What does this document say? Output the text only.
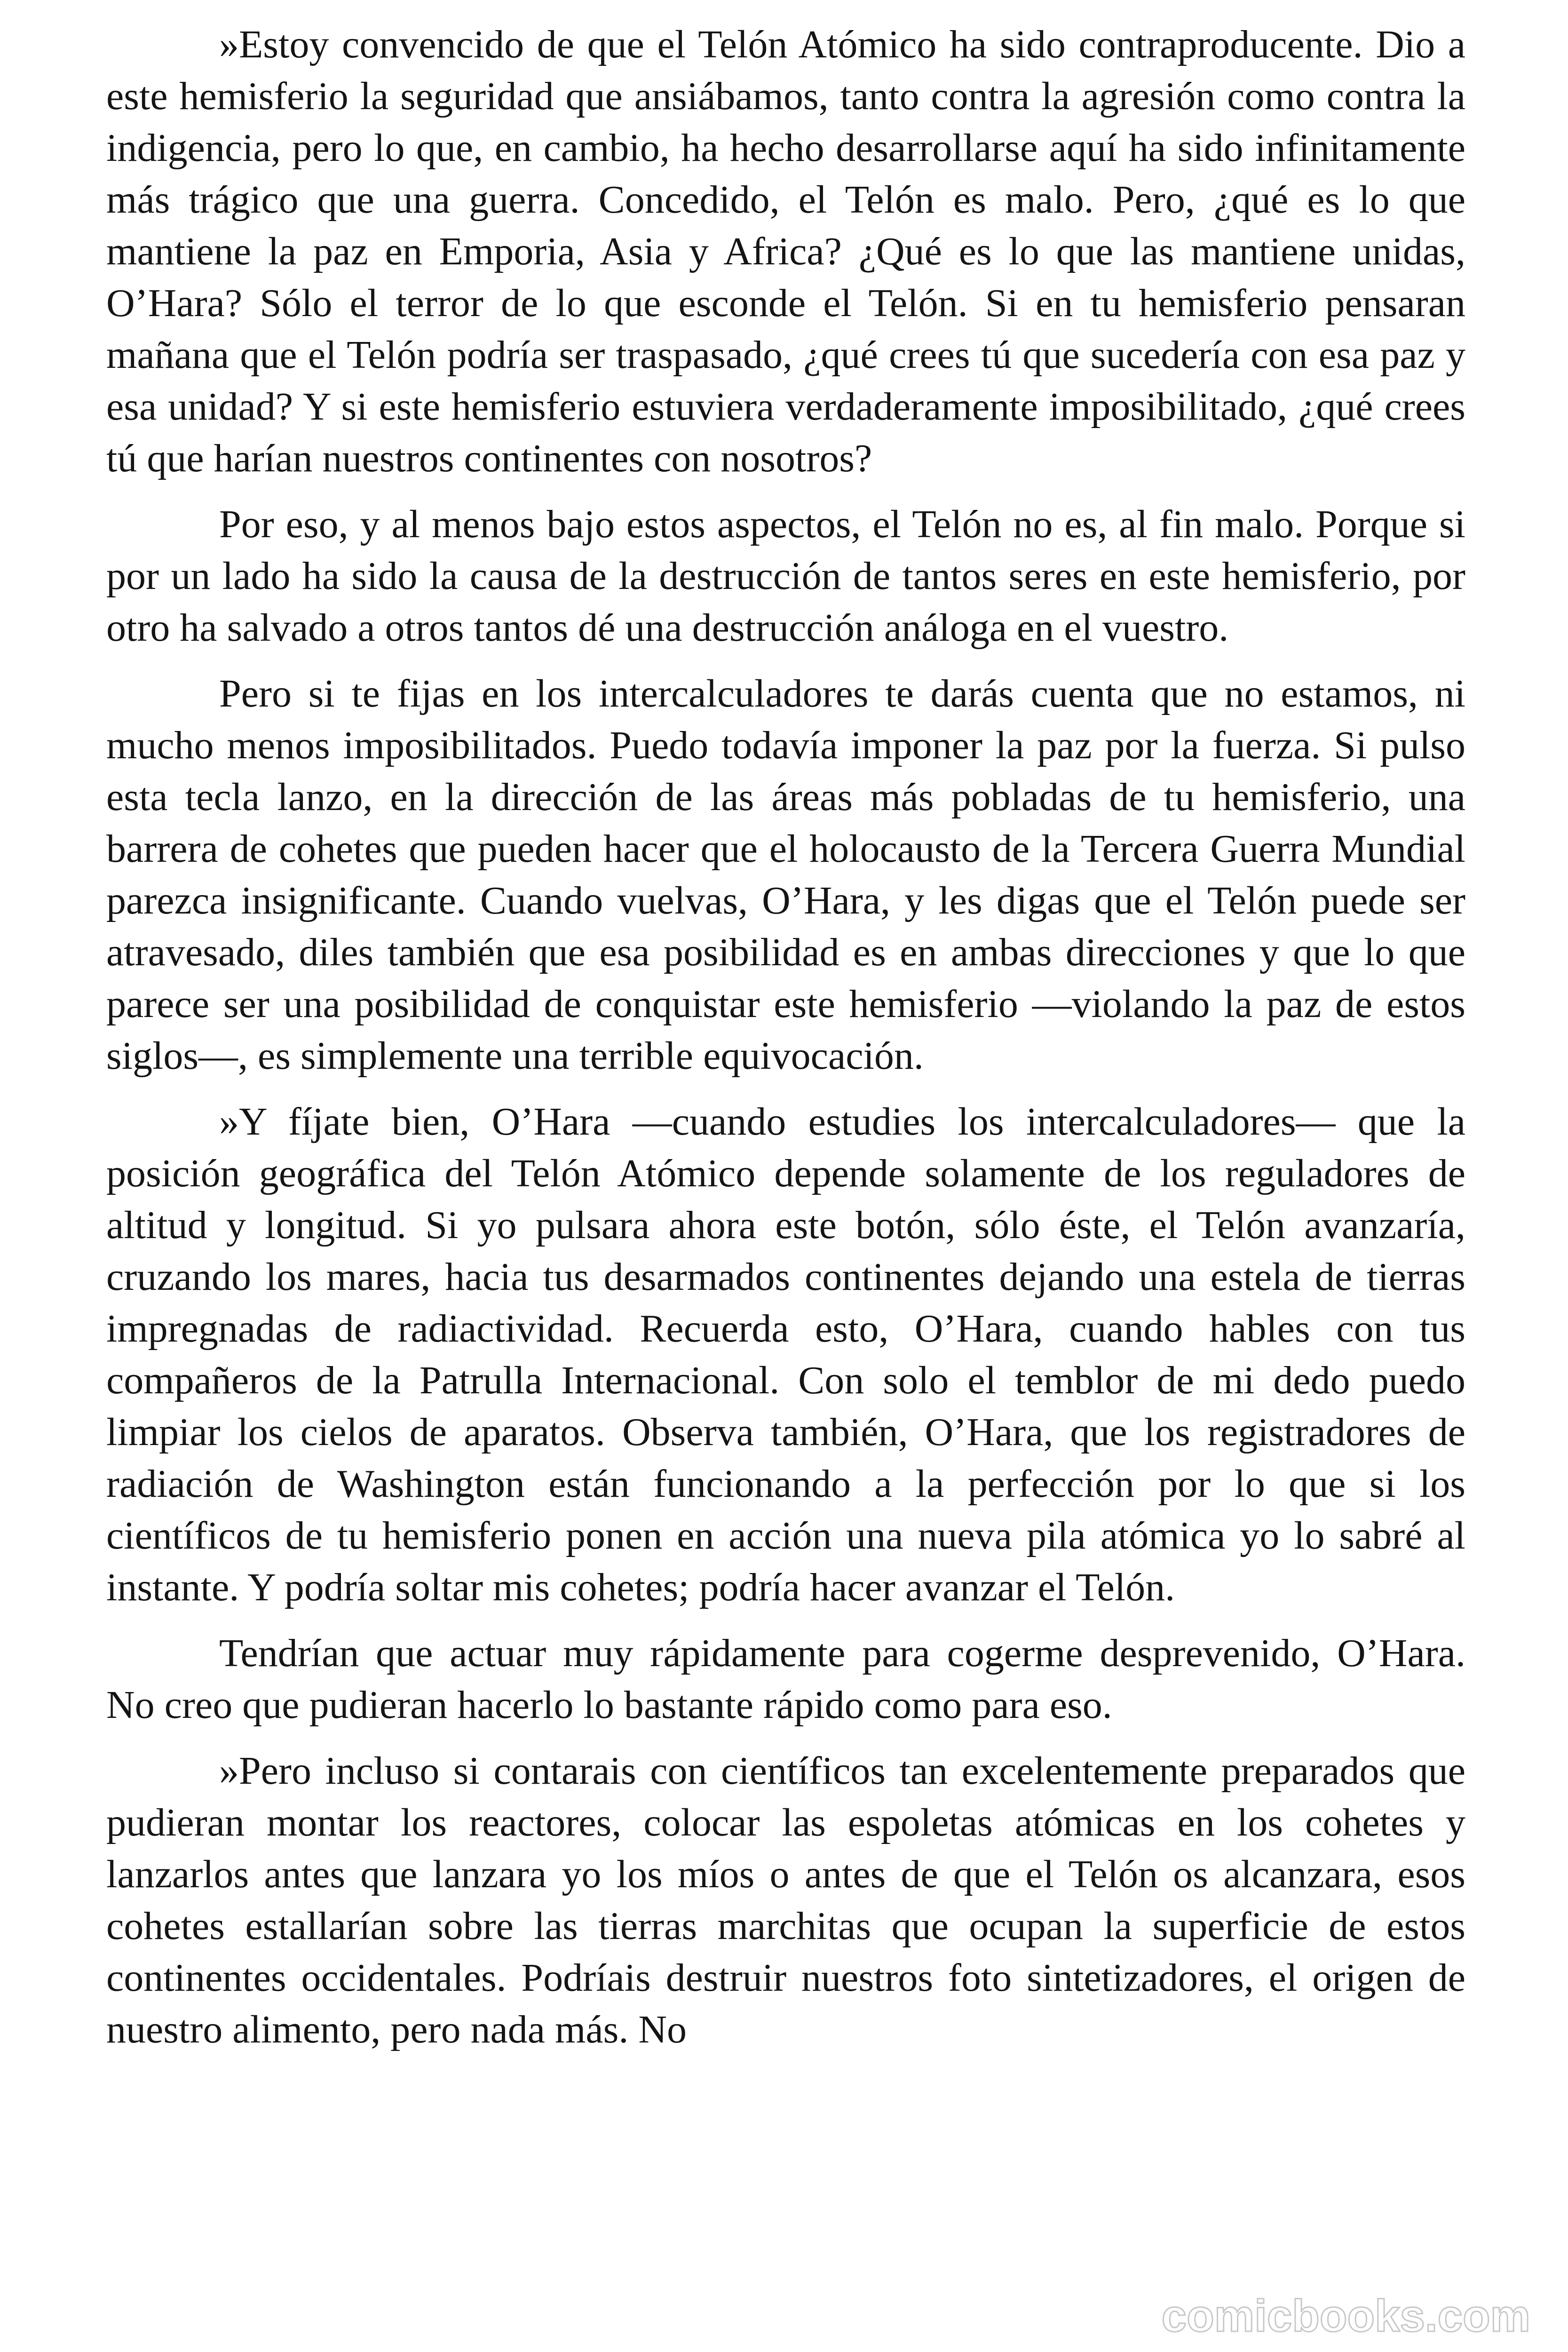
»Estoy convencido de que el Telón Atómico ha sido contraproducente. Dio a este hemisferio la seguridad que ansiábamos, tanto contra la agresión como contra la indigencia, pero lo que, en cambio, ha hecho desarrollarse aquí ha sido infinitamente más trágico que una guerra. Concedido, el Telón es malo. Pero, ¿qué es lo que mantiene la paz en Emporia, Asia y Africa? ¿Qué es lo que las mantiene unidas, O’Hara? Sólo el terror de lo que esconde el Telón. Si en tu hemisferio pensaran mañana que el Telón podría ser traspasado, ¿qué crees tú que sucedería con esa paz y esa unidad? Y si este hemisferio estuviera verdaderamente imposibilitado, ¿qué crees tú que harían nuestros continentes con nosotros?

Por eso, y al menos bajo estos aspectos, el Telón no es, al fin malo. Porque si por un lado ha sido la causa de la destrucción de tantos seres en este hemisferio, por otro ha salvado a otros tantos dé una destrucción análoga en el vuestro.

Pero si te fijas en los intercalculadores te darás cuenta que no estamos, ni mucho menos imposibilitados. Puedo todavía imponer la paz por la fuerza. Si pulso esta tecla lanzo, en la dirección de las áreas más pobladas de tu hemisferio, una barrera de cohetes que pueden hacer que el holocausto de la Tercera Guerra Mundial parezca insignificante. Cuando vuelvas, O’Hara, y les digas que el Telón puede ser atravesado, diles también que esa posibilidad es en ambas direcciones y que lo que parece ser una posibilidad de conquistar este hemisferio —violando la paz de estos siglos—, es simplemente una terrible equivocación.

»Y fíjate bien, O’Hara —cuando estudies los intercalculadores— que la posición geográfica del Telón Atómico depende solamente de los reguladores de altitud y longitud. Si yo pulsara ahora este botón, sólo éste, el Telón avanzaría, cruzando los mares, hacia tus desarmados continentes dejando una estela de tierras impregnadas de radiactividad. Recuerda esto, O’Hara, cuando hables con tus compañeros de la Patrulla Internacional. Con solo el temblor de mi dedo puedo limpiar los cielos de aparatos. Observa también, O’Hara, que los registradores de radiación de Washington están funcionando a la perfección por lo que si los científicos de tu hemisferio ponen en acción una nueva pila atómica yo lo sabré al instante. Y podría soltar mis cohetes; podría hacer avanzar el Telón.

Tendrían que actuar muy rápidamente para cogerme desprevenido, O’Hara. No creo que pudieran hacerlo lo bastante rápido como para eso.

»Pero incluso si contarais con científicos tan excelentemente preparados que pudieran montar los reactores, colocar las espoletas atómicas en los cohetes y lanzarlos antes que lanzara yo los míos o antes de que el Telón os alcanzara, esos cohetes estallarían sobre las tierras marchitas que ocupan la superficie de estos continentes occidentales. Podríais destruir nuestros foto sintetizadores, el origen de nuestro alimento, pero nada más. No

comicbooks.com
